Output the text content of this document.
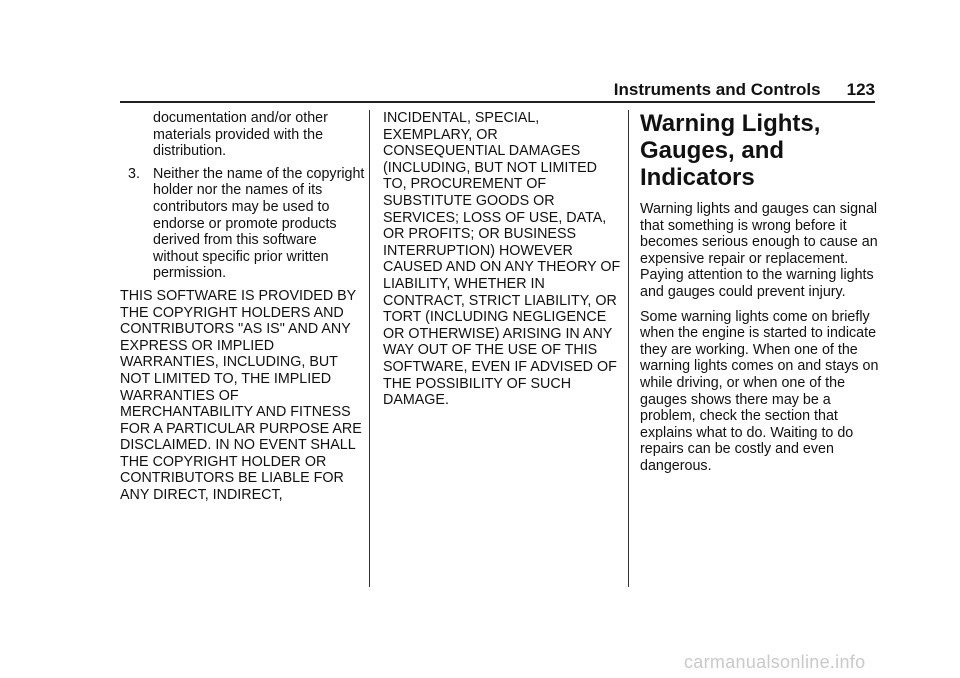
Instruments and Controls 123
documentation and/or other materials provided with the distribution.
3. Neither the name of the copyright holder nor the names of its contributors may be used to endorse or promote products derived from this software without specific prior written permission.

THIS SOFTWARE IS PROVIDED BY THE COPYRIGHT HOLDERS AND CONTRIBUTORS "AS IS" AND ANY EXPRESS OR IMPLIED WARRANTIES, INCLUDING, BUT NOT LIMITED TO, THE IMPLIED WARRANTIES OF MERCHANTABILITY AND FITNESS FOR A PARTICULAR PURPOSE ARE DISCLAIMED. IN NO EVENT SHALL THE COPYRIGHT HOLDER OR CONTRIBUTORS BE LIABLE FOR ANY DIRECT, INDIRECT,

INCIDENTAL, SPECIAL, EXEMPLARY, OR CONSEQUENTIAL DAMAGES (INCLUDING, BUT NOT LIMITED TO, PROCUREMENT OF SUBSTITUTE GOODS OR SERVICES; LOSS OF USE, DATA, OR PROFITS; OR BUSINESS INTERRUPTION) HOWEVER CAUSED AND ON ANY THEORY OF LIABILITY, WHETHER IN CONTRACT, STRICT LIABILITY, OR TORT (INCLUDING NEGLIGENCE OR OTHERWISE) ARISING IN ANY WAY OUT OF THE USE OF THIS SOFTWARE, EVEN IF ADVISED OF THE POSSIBILITY OF SUCH DAMAGE.

Warning Lights, Gauges, and Indicators

Warning lights and gauges can signal that something is wrong before it becomes serious enough to cause an expensive repair or replacement. Paying attention to the warning lights and gauges could prevent injury.

Some warning lights come on briefly when the engine is started to indicate they are working. When one of the warning lights comes on and stays on while driving, or when one of the gauges shows there may be a problem, check the section that explains what to do. Waiting to do repairs can be costly and even dangerous.

carmanualsonline.info
